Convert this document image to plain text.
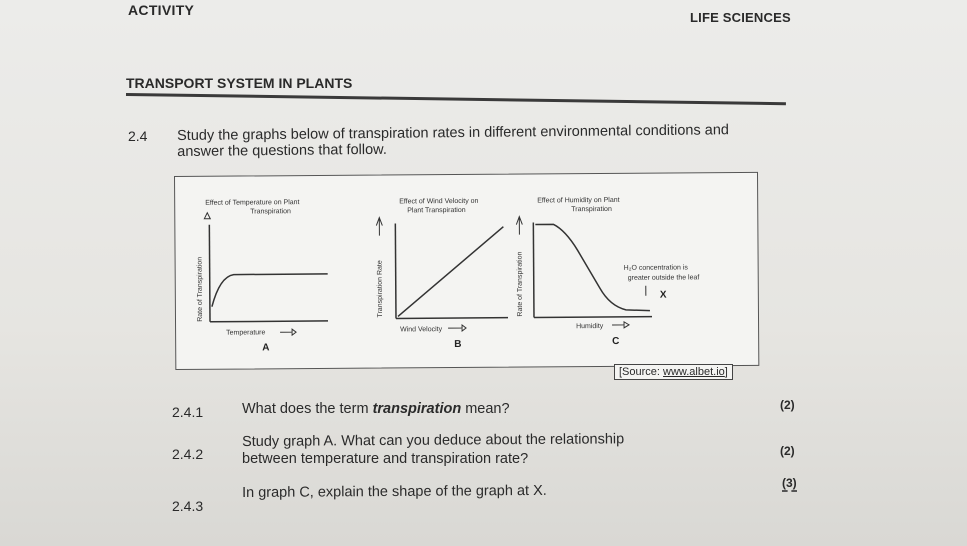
ACTIVITY	LIFE SCIENCES
TRANSPORT SYSTEM IN PLANTS
2.4 Study the graphs below of transpiration rates in different environmental conditions and answer the questions that follow.
Effect of Temperature on Plant
Transpiration
Rate of Transpiration
Temperature
A
Effect of Wind Velocity on
Plant Transpiration
Transpiration Rate
Wind Velocity
B
Effect of Humidity on Plant
Transpiration
Rate of Transpiration	H₂O concentration is
greater outside the leaf
X
Humidity
C
[Source: www.albet.io]
2.4.1	What does the term transpiration mean?	(2)
2.4.2
Study graph A. What can you deduce about the relationship
between temperature and transpiration rate?	(2)
2.4.3
In graph C, explain the shape of the graph at X.	(3)
